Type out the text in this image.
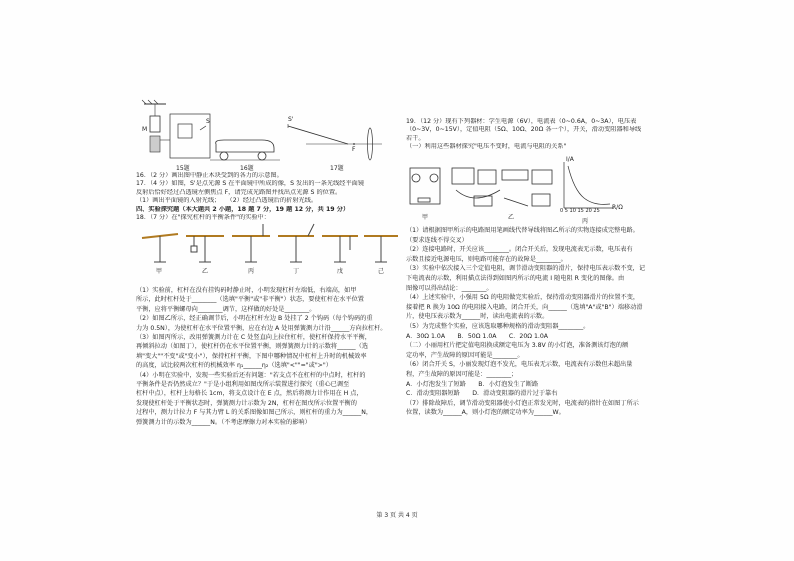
M
S
15题	16题
S'
F
17题
16．（2 分）画出图中静止木块受到的各力的示意图。
17．（4 分）如图，S'是点光源 S 在平面镜中所成的像，S 发出的一条光线经平面镜
反射后恰好经过凸透镜左侧焦点 F，请完成光路图并找出点光源 S 的位置。
（1）画出平面镜的入射光线；　　（2）经过凸透镜后的折射光线。
四、实验探究题（本大题共 2 小题，18 题 7 分，19 题 12 分，共 19 分）
18．（7 分）在"探究杠杆的平衡条件"的实验中：
甲	乙	丙	丁	戊	己
（1）实验前，杠杆在没有挂钩码时静止时，小明发现杠杆左端低，右端高，如甲
所示，此时杠杆处于________（选填"平衡"或"非平衡"）状态，要使杠杆在水平位置
平衡，应将平衡螺母向________调节，这样做的好处是________。
（2）如图乙所示，经正确调节后，小明在杠杆左边 B 处挂了 2 个钩码（每个钩码的重
力为 0.5N），为使杠杆在水平位置平衡，应在右边 A 处用弹簧测力计沿______方向拉杠杆。
（3）如图丙所示，改用弹簧测力计在 C 处竖直向上拉住杠杆，使杠杆保持水平平衡，
再倾斜拉动（如图丁），使杠杆仍在水平位置平衡，则弹簧测力计的示数将______（选
填"变大""不变"或"变小"），保持杠杆平衡，下图中哪种情况中杠杆上升时的机械效率
的高度，试比较两次杠杆的机械效率 η₁______η₂（选填"<""="或">"）
（4）小明在实验中，发现一些实验后还有问题："若支点不在杠杆的中点时，杠杆的
平衡条件是否仍然成立？"于是小组利用如图戊所示装置进行探究（重心已调至
杠杆中点），杠杆上每格长 1cm，将支点设计在 E 点，然后将测力计作用在 H 点，
发现使杠杆处于平衡状态时，弹簧测力计示数为 2N，杠杆在图戊所示位置平衡的
过程中，测力计拉力 F 与其力臂 L 的关系图像如图己所示，则杠杆的重力为______N，
弹簧测力计的示数为______N。（不考虑摩擦力对本实验的影响）
19．（12 分）现有下列器材：学生电源（6V），电流表（0~0.6A，0~3A），电压表
（0~3V，0~15V），定值电阻（5Ω、10Ω、20Ω 各一个），开关，滑动变阻器和导线
若干。
（一）利用这些器材探究"电压不变时，电流与电阻的关系"
甲	乙
丙
I/A
R/Ω
0 5 10 15 20 25
（1）请根据图甲所示的电路图用笔画线代替导线将图乙所示的实物连接成完整电路。
（要求连线不得交叉）
（2）连接电路时，开关应该________。闭合开关后，发现电流表无示数，电压表有
示数且接近电源电压，则电路可能存在的故障是________。
（3）实验中依次接入三个定值电阻，调节滑动变阻器的滑片，保持电压表示数不变，记
下电流表的示数，利用描点法得到如图丙所示的电流 I 随电阻 R 变化的图像。由
图像可以得出结论：________。
（4）上述实验中，小强用 5Ω 的电阻做完实验后，保持滑动变阻器滑片的位置不变，
接着把 R 换为 10Ω 的电阻接入电路，闭合开关，向______（选填"A"或"B"）端移动滑
片，使电压表示数为______时，读出电流表的示数。
（5）为完成整个实验，应该选取哪种规格的滑动变阻器________。
A．30Ω 1.0A　　B．50Ω 1.0A　　C．20Ω 1.0A
（二）小丽用杠片把定值电阻换成额定电压为 3.8V 的小灯泡，准备测该灯泡的额
定功率，产生故障的原因可能是________。
（6）闭合开关 S，小丽发现灯泡不发光，电压表无示数，电流表有示数但未超出量
程，产生故障的原因可能是：________；
A．小灯泡发生了短路　　B．小灯泡发生了断路
C．滑动变阻器短路　　D．滑动变阻器的滑片过于靠右
（7）排除故障后，调节滑动变阻器使小灯泡正常发光时，电流表的指针在如图丁所示
位置，读数为______A，则小灯泡的额定功率为______W。
第 3 页 共 4 页
